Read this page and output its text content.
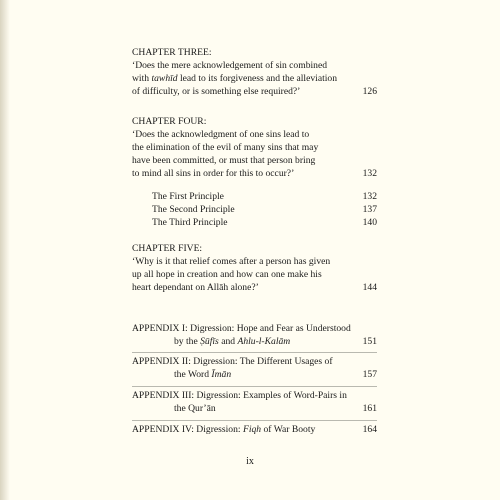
CHAPTER THREE:
‘Does the mere acknowledgement of sin combined
with tawhīd lead to its forgiveness and the alleviation
of difficulty, or is something else required?’	126
CHAPTER FOUR:
‘Does the acknowledgment of one sins lead to
the elimination of the evil of many sins that may
have been committed, or must that person bring
to mind all sins in order for this to occur?’	132
The First Principle	132
The Second Principle	137
The Third Principle	140
CHAPTER FIVE:
‘Why is it that relief comes after a person has given
up all hope in creation and how can one make his
heart dependant on Allāh alone?’	144
APPENDIX I: Digression: Hope and Fear as Understood
by the Ṣūfīs and Ahlu-l-Kalām	151
APPENDIX II: Digression: The Different Usages of
the Word Īmān	157
APPENDIX III: Digression: Examples of Word-Pairs in
the Qur’ān	161
APPENDIX IV: Digression: Fiqh of War Booty	164
ix
